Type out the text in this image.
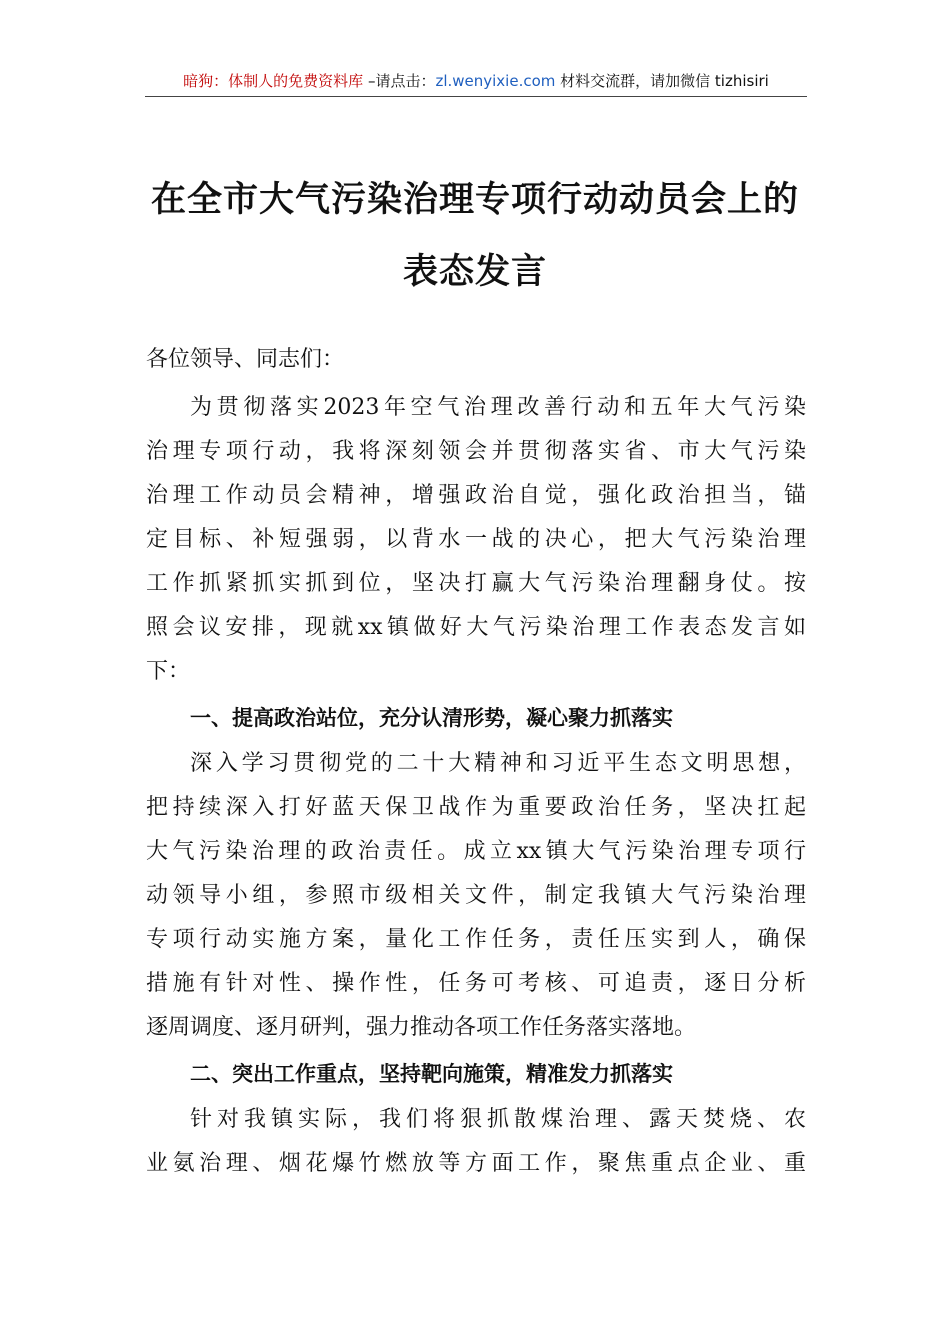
暗狗：体制人的免费资料库 –请点击：zl.wenyixie.com 材料交流群，请加微信 tizhisiri
在全市大气污染治理专项行动动员会上的
表态发言
各位领导、同志们：
为贯彻落实2023年空气治理改善行动和五年大气污染
治理专项行动，我将深刻领会并贯彻落实省、市大气污染
治理工作动员会精神，增强政治自觉，强化政治担当，锚
定目标、补短强弱，以背水一战的决心，把大气污染治理
工作抓紧抓实抓到位，坚决打赢大气污染治理翻身仗。按
照会议安排，现就xx镇做好大气污染治理工作表态发言如
下：
一、提高政治站位，充分认清形势，凝心聚力抓落实
深入学习贯彻党的二十大精神和习近平生态文明思想，
把持续深入打好蓝天保卫战作为重要政治任务，坚决扛起
大气污染治理的政治责任。成立xx镇大气污染治理专项行
动领导小组，参照市级相关文件，制定我镇大气污染治理
专项行动实施方案，量化工作任务，责任压实到人，确保
措施有针对性、操作性，任务可考核、可追责，逐日分析
逐周调度、逐月研判，强力推动各项工作任务落实落地。
二、突出工作重点，坚持靶向施策，精准发力抓落实
针对我镇实际，我们将狠抓散煤治理、露天焚烧、农
业氨治理、烟花爆竹燃放等方面工作，聚焦重点企业、重
